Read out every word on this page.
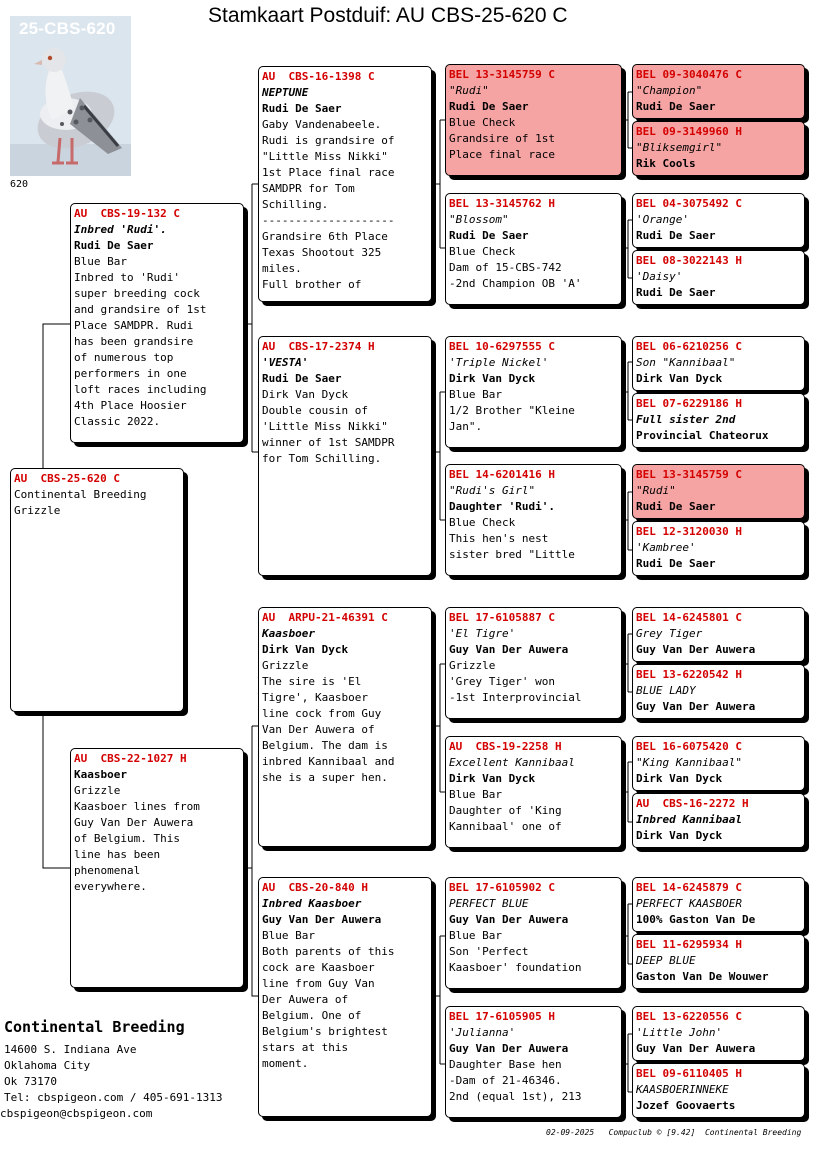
Stamkaart Postduif: AU CBS-25-620 C
25-CBS-620
620
AU  CBS-25-620 C
Continental Breeding
Grizzle
AU  CBS-19-132 C
Inbred 'Rudi'.
Rudi De Saer
Blue Bar
Inbred to 'Rudi'
super breeding cock
and grandsire of 1st
Place SAMDPR. Rudi
has been grandsire
of numerous top
performers in one
loft races including
4th Place Hoosier
Classic 2022.
AU  CBS-22-1027 H
Kaasboer
Grizzle
Kaasboer lines from
Guy Van Der Auwera
of Belgium. This
line has been
phenomenal
everywhere.
AU  CBS-16-1398 C
NEPTUNE
Rudi De Saer
Gaby Vandenabeele.
Rudi is grandsire of
"Little Miss Nikki"
1st Place final race
SAMDPR for Tom
Schilling.
--------------------
Grandsire 6th Place
Texas Shootout 325
miles.
Full brother of
AU  CBS-17-2374 H
'VESTA'
Rudi De Saer
Dirk Van Dyck
Double cousin of
'Little Miss Nikki"
winner of 1st SAMDPR
for Tom Schilling.
AU  ARPU-21-46391 C
Kaasboer
Dirk Van Dyck
Grizzle
The sire is 'El
Tigre', Kaasboer
line cock from Guy
Van Der Auwera of
Belgium. The dam is
inbred Kannibaal and
she is a super hen.
AU  CBS-20-840 H
Inbred Kaasboer
Guy Van Der Auwera
Blue Bar
Both parents of this
cock are Kaasboer
line from Guy Van
Der Auwera of
Belgium. One of
Belgium's brightest
stars at this
moment.
BEL 13-3145759 C
"Rudi"
Rudi De Saer
Blue Check
Grandsire of 1st
Place final race
BEL 13-3145762 H
"Blossom"
Rudi De Saer
Blue Check
Dam of 15-CBS-742
-2nd Champion OB 'A'
BEL 10-6297555 C
'Triple Nickel'
Dirk Van Dyck
Blue Bar
1/2 Brother "Kleine
Jan".
BEL 14-6201416 H
"Rudi's Girl"
Daughter 'Rudi'.
Blue Check
This hen's nest
sister bred "Little
BEL 17-6105887 C
'El Tigre'
Guy Van Der Auwera
Grizzle
'Grey Tiger' won
-1st Interprovincial
AU  CBS-19-2258 H
Excellent Kannibaal
Dirk Van Dyck
Blue Bar
Daughter of 'King
Kannibaal' one of
BEL 17-6105902 C
PERFECT BLUE
Guy Van Der Auwera
Blue Bar
Son 'Perfect
Kaasboer' foundation
BEL 17-6105905 H
'Julianna'
Guy Van Der Auwera
Daughter Base hen
-Dam of 21-46346.
2nd (equal 1st), 213
BEL 09-3040476 C
"Champion"
Rudi De Saer
BEL 09-3149960 H
"Bliksemgirl"
Rik Cools
BEL 04-3075492 C
'Orange'
Rudi De Saer
BEL 08-3022143 H
'Daisy'
Rudi De Saer
BEL 06-6210256 C
Son "Kannibaal"
Dirk Van Dyck
BEL 07-6229186 H
Full sister 2nd
Provincial Chateorux
BEL 13-3145759 C
"Rudi"
Rudi De Saer
BEL 12-3120030 H
'Kambree'
Rudi De Saer
BEL 14-6245801 C
Grey Tiger
Guy Van Der Auwera
BEL 13-6220542 H
BLUE LADY
Guy Van Der Auwera
BEL 16-6075420 C
"King Kannibaal"
Dirk Van Dyck
AU  CBS-16-2272 H
Inbred Kannibaal
Dirk Van Dyck
BEL 14-6245879 C
PERFECT KAASBOER
100% Gaston Van De
BEL 11-6295934 H
DEEP BLUE
Gaston Van De Wouwer
BEL 13-6220556 C
'Little John'
Guy Van Der Auwera
BEL 09-6110405 H
KAASBOERINNEKE
Jozef Goovaerts
Continental Breeding
14600 S. Indiana Ave
Oklahoma City
Ok 73170
Tel: cbspigeon.com / 405-691-1313
cbspigeon@cbspigeon.com
02-09-2025   Compuclub © [9.42]  Continental Breeding
